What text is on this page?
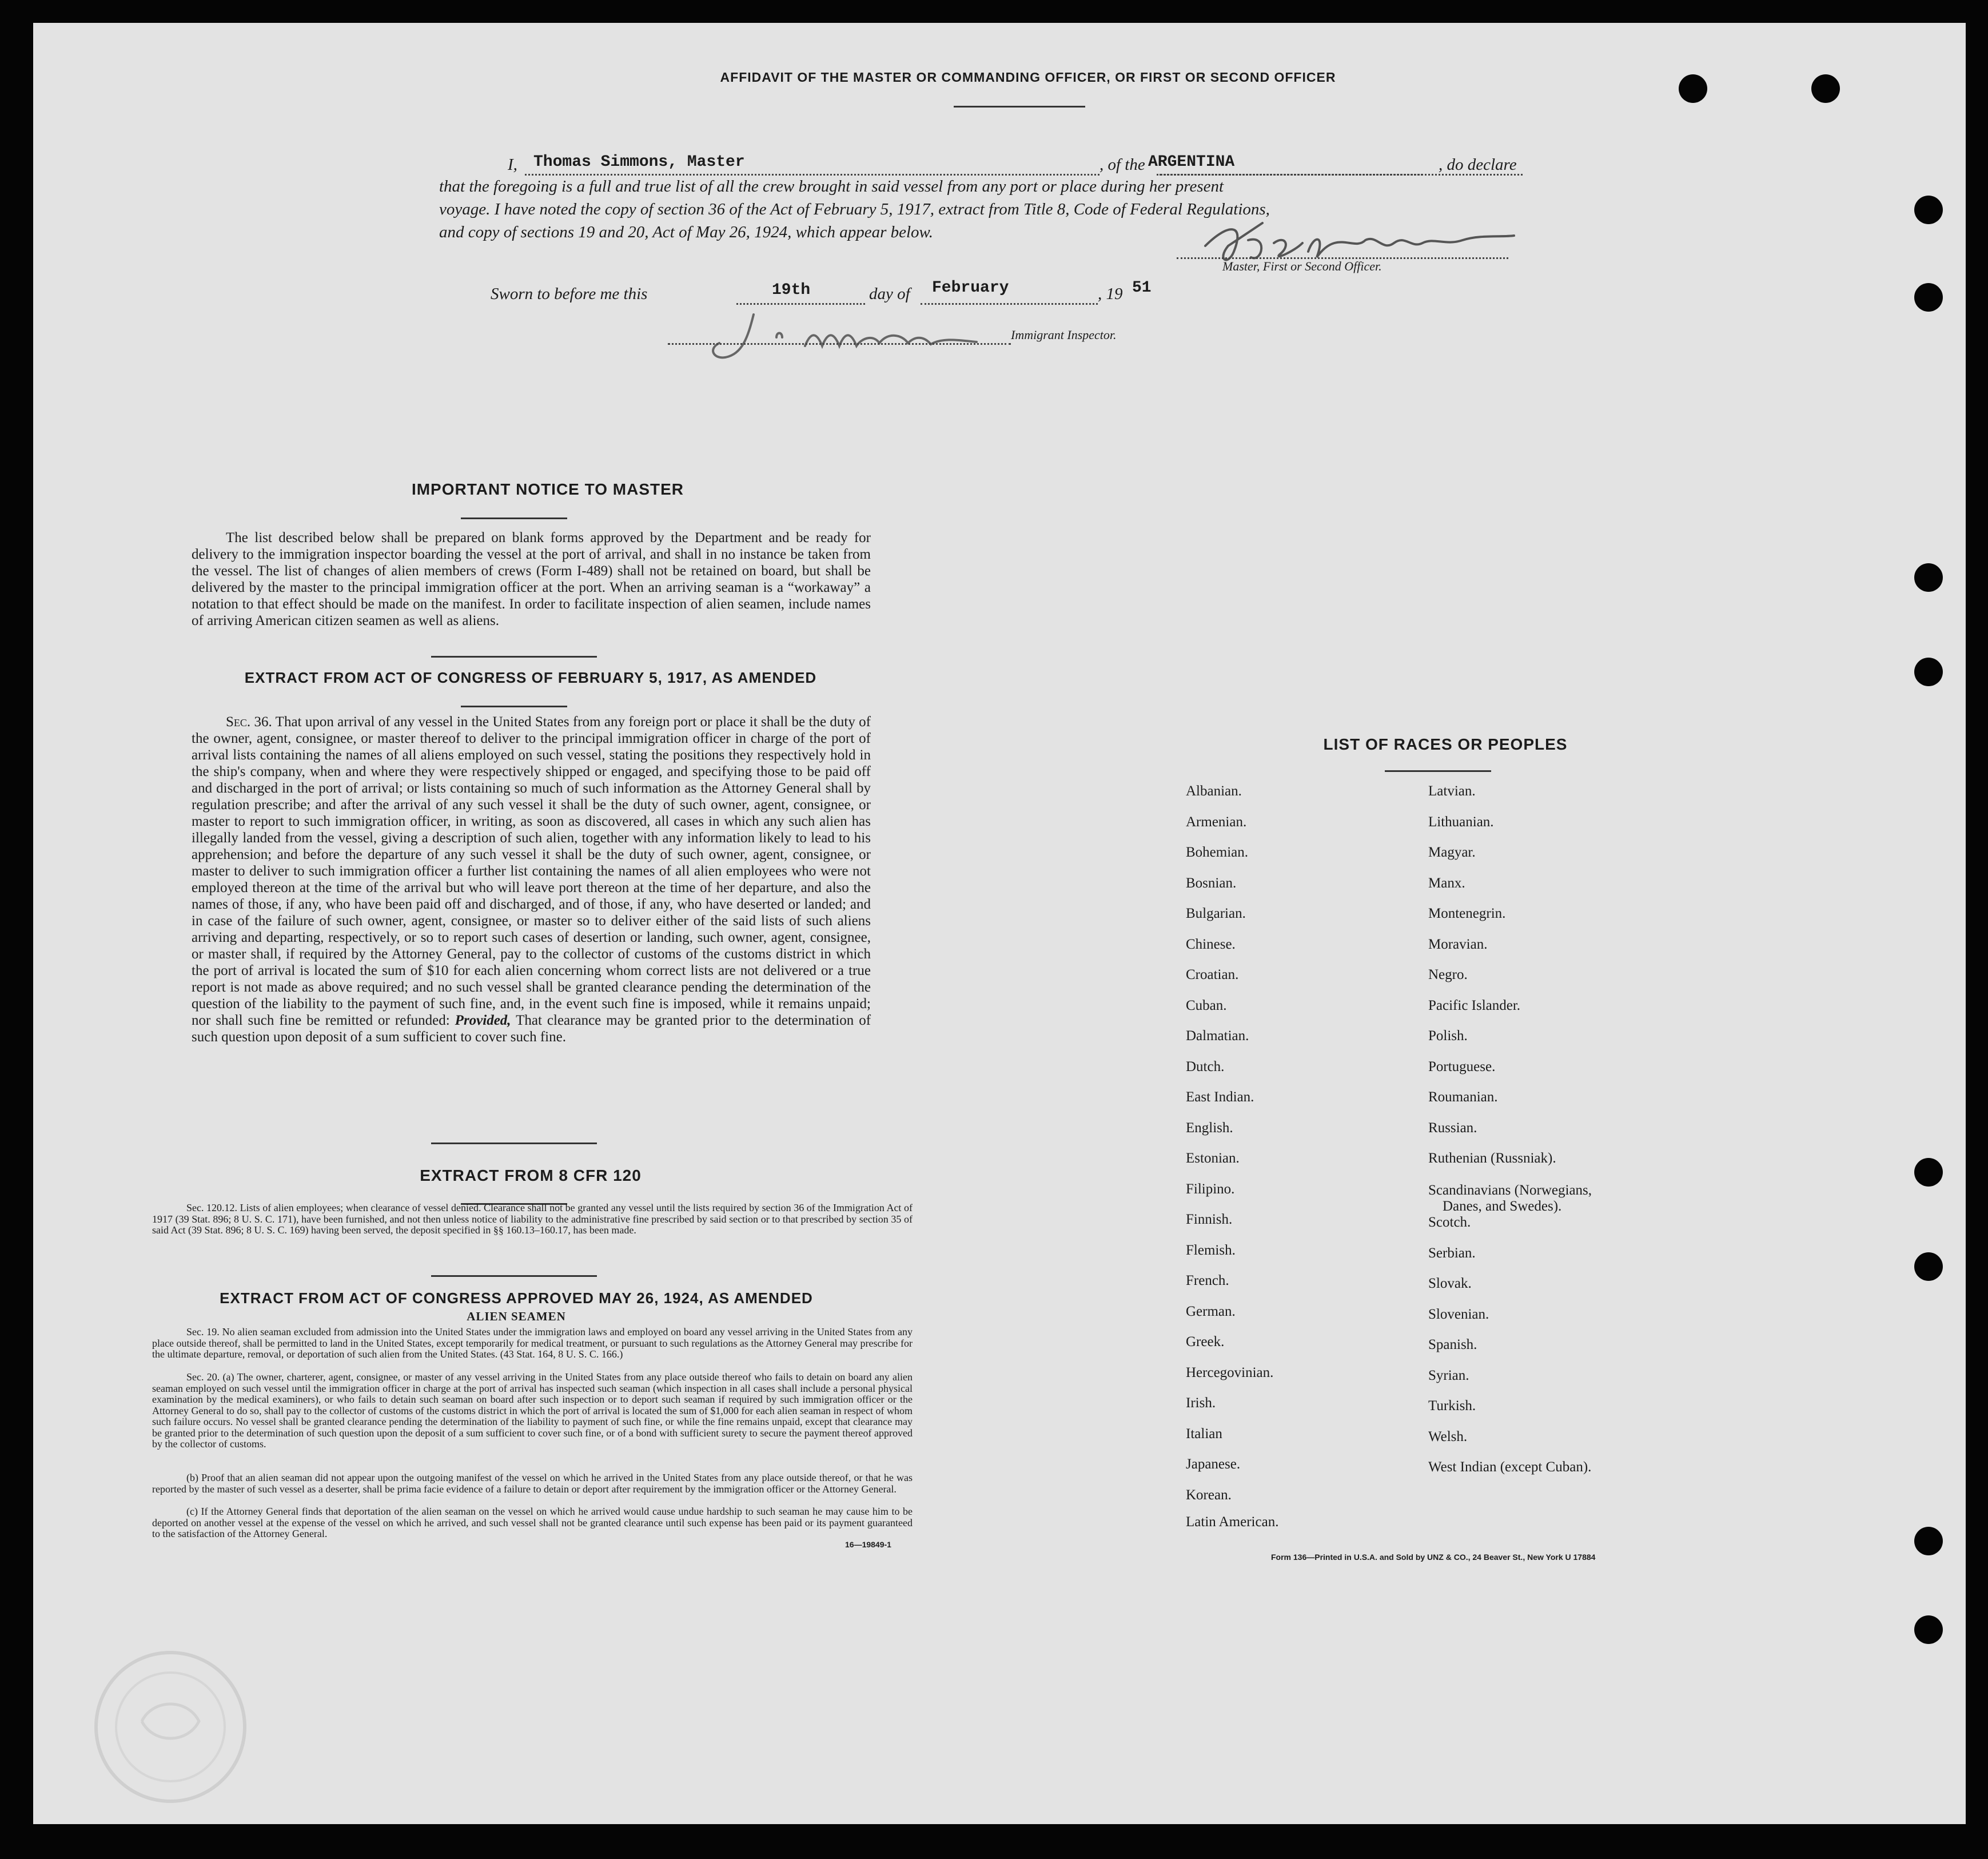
AFFIDAVIT OF THE MASTER OR COMMANDING OFFICER, OR FIRST OR SECOND OFFICER
I, Thomas Simmons, Master	, of the ARGENTINA	, do declare
that the foregoing is a full and true list of all the crew brought in said vessel from any port or place during her present
voyage. I have noted the copy of section 36 of the Act of February 5, 1917, extract from Title 8, Code of Federal Regulations,
and copy of sections 19 and 20, Act of May 26, 1924, which appear below.
Master, First or Second Officer.
Sworn to before me this	19th	day of February	, 19 51
Immigrant Inspector.
IMPORTANT NOTICE TO MASTER
The list described below shall be prepared on blank forms approved by the Department and be ready for delivery to the immigration inspector boarding the vessel at the port of arrival, and shall in no instance be taken from the vessel. The list of changes of alien members of crews (Form I-489) shall not be retained on board, but shall be delivered by the master to the principal immigration officer at the port. When an arriving seaman is a “workaway” a notation to that effect should be made on the manifest. In order to facilitate inspection of alien seamen, include names of arriving American citizen seamen as well as aliens.
EXTRACT FROM ACT OF CONGRESS OF FEBRUARY 5, 1917, AS AMENDED
Sec. 36. That upon arrival of any vessel in the United States from any foreign port or place it shall be the duty of the owner, agent, consignee, or master thereof to deliver to the principal immigration officer in charge of the port of arrival lists containing the names of all aliens employed on such vessel, stating the positions they respectively hold in the ship's company, when and where they were respectively shipped or engaged, and specifying those to be paid off and discharged in the port of arrival; or lists containing so much of such information as the Attorney General shall by regulation prescribe; and after the arrival of any such vessel it shall be the duty of such owner, agent, consignee, or master to report to such immigration officer, in writing, as soon as discovered, all cases in which any such alien has illegally landed from the vessel, giving a description of such alien, together with any information likely to lead to his apprehension; and before the departure of any such vessel it shall be the duty of such owner, agent, consignee, or master to deliver to such immigration officer a further list containing the names of all alien employees who were not employed thereon at the time of the arrival but who will leave port thereon at the time of her departure, and also the names of those, if any, who have been paid off and discharged, and of those, if any, who have deserted or landed; and in case of the failure of such owner, agent, consignee, or master so to deliver either of the said lists of such aliens arriving and departing, respectively, or so to report such cases of desertion or landing, such owner, agent, consignee, or master shall, if required by the Attorney General, pay to the collector of customs of the customs district in which the port of arrival is located the sum of $10 for each alien concerning whom correct lists are not delivered or a true report is not made as above required; and no such vessel shall be granted clearance pending the determination of the question of the liability to the payment of such fine, and, in the event such fine is imposed, while it remains unpaid; nor shall such fine be remitted or refunded: Provided, That clearance may be granted prior to the determination of such question upon deposit of a sum sufficient to cover such fine.
EXTRACT FROM 8 CFR 120
Sec. 120.12. Lists of alien employees; when clearance of vessel denied. Clearance shall not be granted any vessel until the lists required by section 36 of the Immigration Act of 1917 (39 Stat. 896; 8 U. S. C. 171), have been furnished, and not then unless notice of liability to the administrative fine prescribed by said section or to that prescribed by section 35 of said Act (39 Stat. 896; 8 U. S. C. 169) having been served, the deposit specified in §§ 160.13–160.17, has been made.
EXTRACT FROM ACT OF CONGRESS APPROVED MAY 26, 1924, AS AMENDED
ALIEN SEAMEN
Sec. 19. No alien seaman excluded from admission into the United States under the immigration laws and employed on board any vessel arriving in the United States from any place outside thereof, shall be permitted to land in the United States, except temporarily for medical treatment, or pursuant to such regulations as the Attorney General may prescribe for the ultimate departure, removal, or deportation of such alien from the United States. (43 Stat. 164, 8 U. S. C. 166.)
Sec. 20. (a) The owner, charterer, agent, consignee, or master of any vessel arriving in the United States from any place outside thereof who fails to detain on board any alien seaman employed on such vessel until the immigration officer in charge at the port of arrival has inspected such seaman (which inspection in all cases shall include a personal physical examination by the medical examiners), or who fails to detain such seaman on board after such inspection or to deport such seaman if required by such immigration officer or the Attorney General to do so, shall pay to the collector of customs of the customs district in which the port of arrival is located the sum of $1,000 for each alien seaman in respect of whom such failure occurs. No vessel shall be granted clearance pending the determination of the liability to payment of such fine, or while the fine remains unpaid, except that clearance may be granted prior to the determination of such question upon the deposit of a sum sufficient to cover such fine, or of a bond with sufficient surety to secure the payment thereof approved by the collector of customs.
(b) Proof that an alien seaman did not appear upon the outgoing manifest of the vessel on which he arrived in the United States from any place outside thereof, or that he was reported by the master of such vessel as a deserter, shall be prima facie evidence of a failure to detain or deport after requirement by the immigration officer or the Attorney General.
(c) If the Attorney General finds that deportation of the alien seaman on the vessel on which he arrived would cause undue hardship to such seaman he may cause him to be deported on another vessel at the expense of the vessel on which he arrived, and such vessel shall not be granted clearance until such expense has been paid or its payment guaranteed to the satisfaction of the Attorney General.
16—19849-1
LIST OF RACES OR PEOPLES
Albanian.
Armenian.
Bohemian.
Bosnian.
Bulgarian.
Chinese.
Croatian.
Cuban.
Dalmatian.
Dutch.
East Indian.
English.
Estonian.
Filipino.
Finnish.
Flemish.
French.
German.
Greek.
Hercegovinian.
Irish.
Italian
Japanese.
Korean.
Latin American.
Latvian.
Lithuanian.
Magyar.
Manx.
Montenegrin.
Moravian.
Negro.
Pacific Islander.
Polish.
Portuguese.
Roumanian.
Russian.
Ruthenian (Russniak).
Scandinavians (Norwegians,
Danes, and Swedes).
Scotch.
Serbian.
Slovak.
Slovenian.
Spanish.
Syrian.
Turkish.
Welsh.
West Indian (except Cuban).
Form 136—Printed in U.S.A. and Sold by UNZ & CO., 24 Beaver St., New York U 17884
